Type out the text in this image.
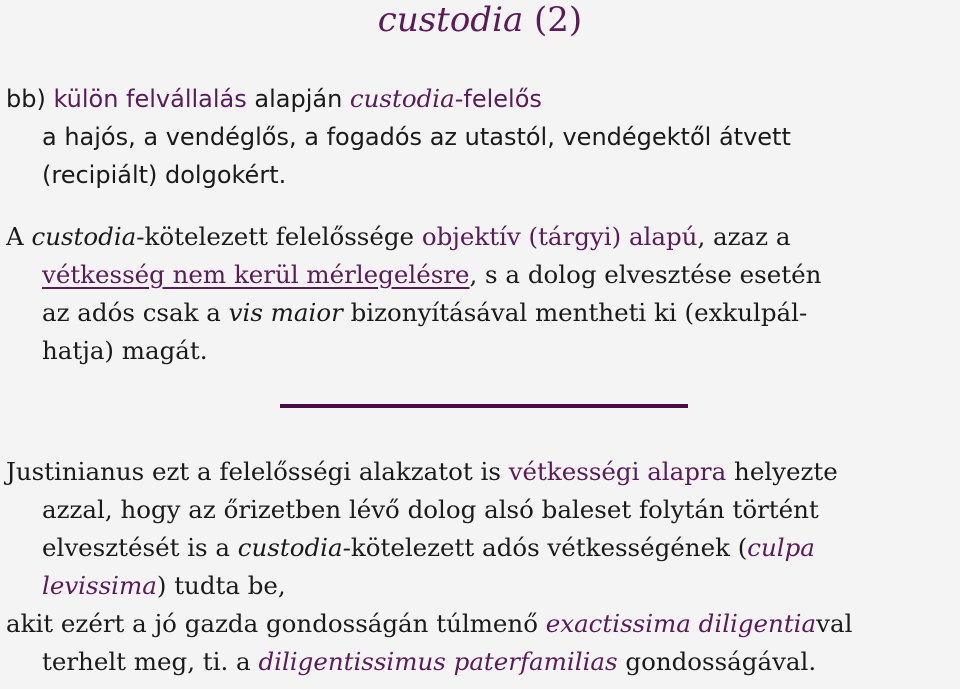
custodia (2)
bb) külön felvállalás alapján custodia-felelős
a hajós, a vendéglős, a fogadós az utastól, vendégektől átvett
(recipiált) dolgokért.
A custodia-kötelezett felelőssége objektív (tárgyi) alapú, azaz a
vétkesség nem kerül mérlegelésre, s a dolog elvesztése esetén
az adós csak a vis maior bizonyításával mentheti ki (exkulpál-
hatja) magát.
Justinianus ezt a felelősségi alakzatot is vétkességi alapra helyezte
azzal, hogy az őrizetben lévő dolog alsó baleset folytán történt
elvesztését is a custodia-kötelezett adós vétkességének (culpa
levissima) tudta be,
akit ezért a jó gazda gondosságán túlmenő exactissima diligentiaval
terhelt meg, ti. a diligentissimus paterfamilias gondosságával.
